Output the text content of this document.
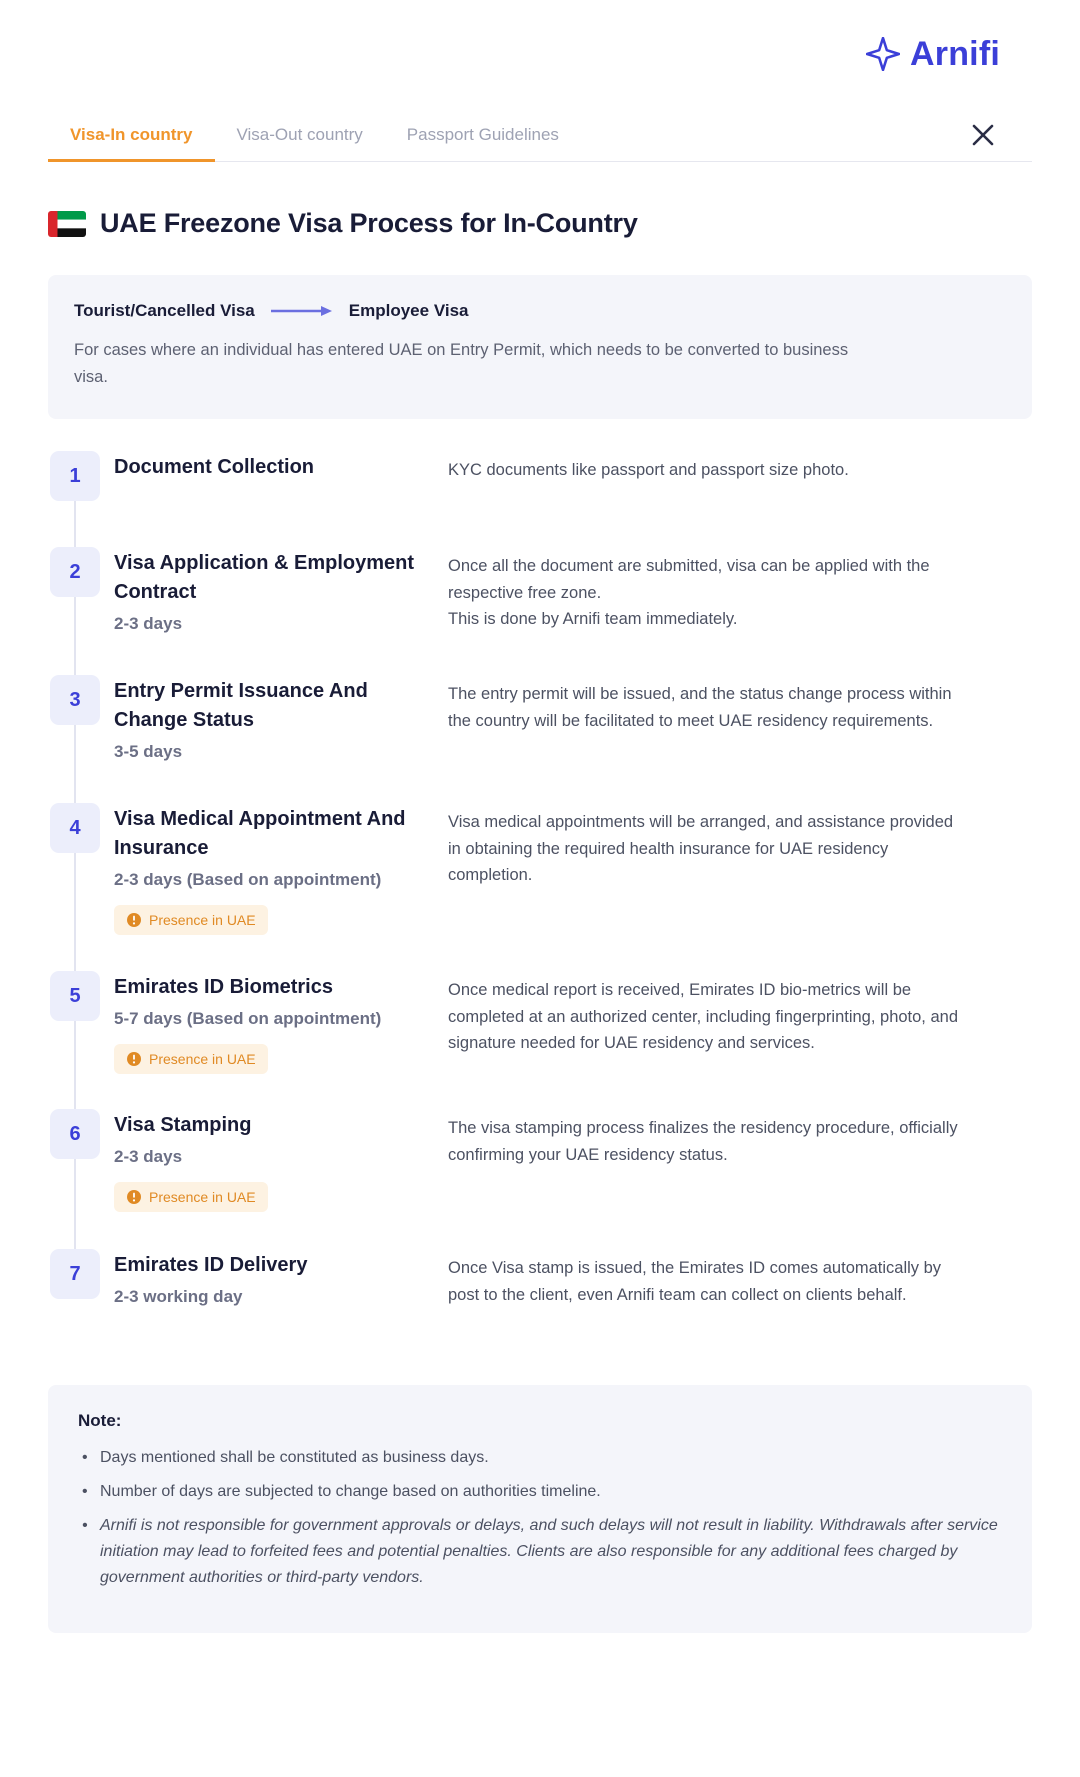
Arnifi
Visa-In country	Visa-Out country	Passport Guidelines
UAE Freezone Visa Process for In-Country
Tourist/Cancelled Visa	Employee Visa
For cases where an individual has entered UAE on Entry Permit, which needs to be converted to business visa.
1	Document Collection	KYC documents like passport and passport size photo.
2	Visa Application & Employment Contract
2-3 days
Once all the document are submitted, visa can be applied with the respective free zone.
This is done by Arnifi team immediately.
3	Entry Permit Issuance And Change Status
3-5 days
The entry permit will be issued, and the status change process within the country will be facilitated to meet UAE residency requirements.
4	Visa Medical Appointment And Insurance
2-3 days (Based on appointment)
Presence in UAE
Visa medical appointments will be arranged, and assistance provided in obtaining the required health insurance for UAE residency completion.
5	Emirates ID Biometrics
5-7 days (Based on appointment)
Presence in UAE
Once medical report is received, Emirates ID bio-metrics will be completed at an authorized center, including fingerprinting, photo, and signature needed for UAE residency and services.
6	Visa Stamping
2-3 days
Presence in UAE
The visa stamping process finalizes the residency procedure, officially confirming your UAE residency status.
7	Emirates ID Delivery
2-3 working day
Once Visa stamp is issued, the Emirates ID comes automatically by post to the client, even Arnifi team can collect on clients behalf.
Note:
• Days mentioned shall be constituted as business days.
• Number of days are subjected to change based on authorities timeline.
• Arnifi is not responsible for government approvals or delays, and such delays will not result in liability. Withdrawals after service initiation may lead to forfeited fees and potential penalties. Clients are also responsible for any additional fees charged by government authorities or third-party vendors.
